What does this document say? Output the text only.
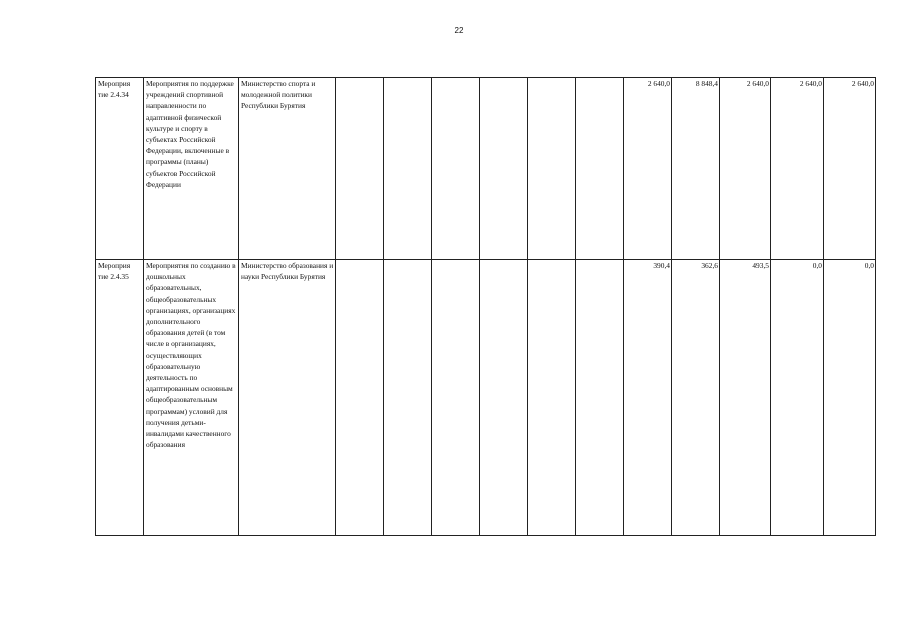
22
Мероприя тие 2.4.34	Мероприятия по поддержке учреждений спортивной направленности по адаптивной физической культуре и спорту в субъектах Российской Федерации, включенные в программы (планы) субъектов Российской Федерации	Министерство спорта и молодежной политики Республики Бурятия							2 640,0	8 848,4	2 640,0	2 640,0	2 640,0

Мероприя тие 2.4.35	Мероприятия по созданию в дошкольных образовательных, общеобразовательных организациях, организациях дополнительного образования детей (в том числе в организациях, осуществляющих образовательную деятельность по адаптированным основным общеобразовательным программам) условий для получения детьми-инвалидами качественного образования	Министерство образования и науки Республики Бурятия							390,4	362,6	493,5	0,0	0,0
